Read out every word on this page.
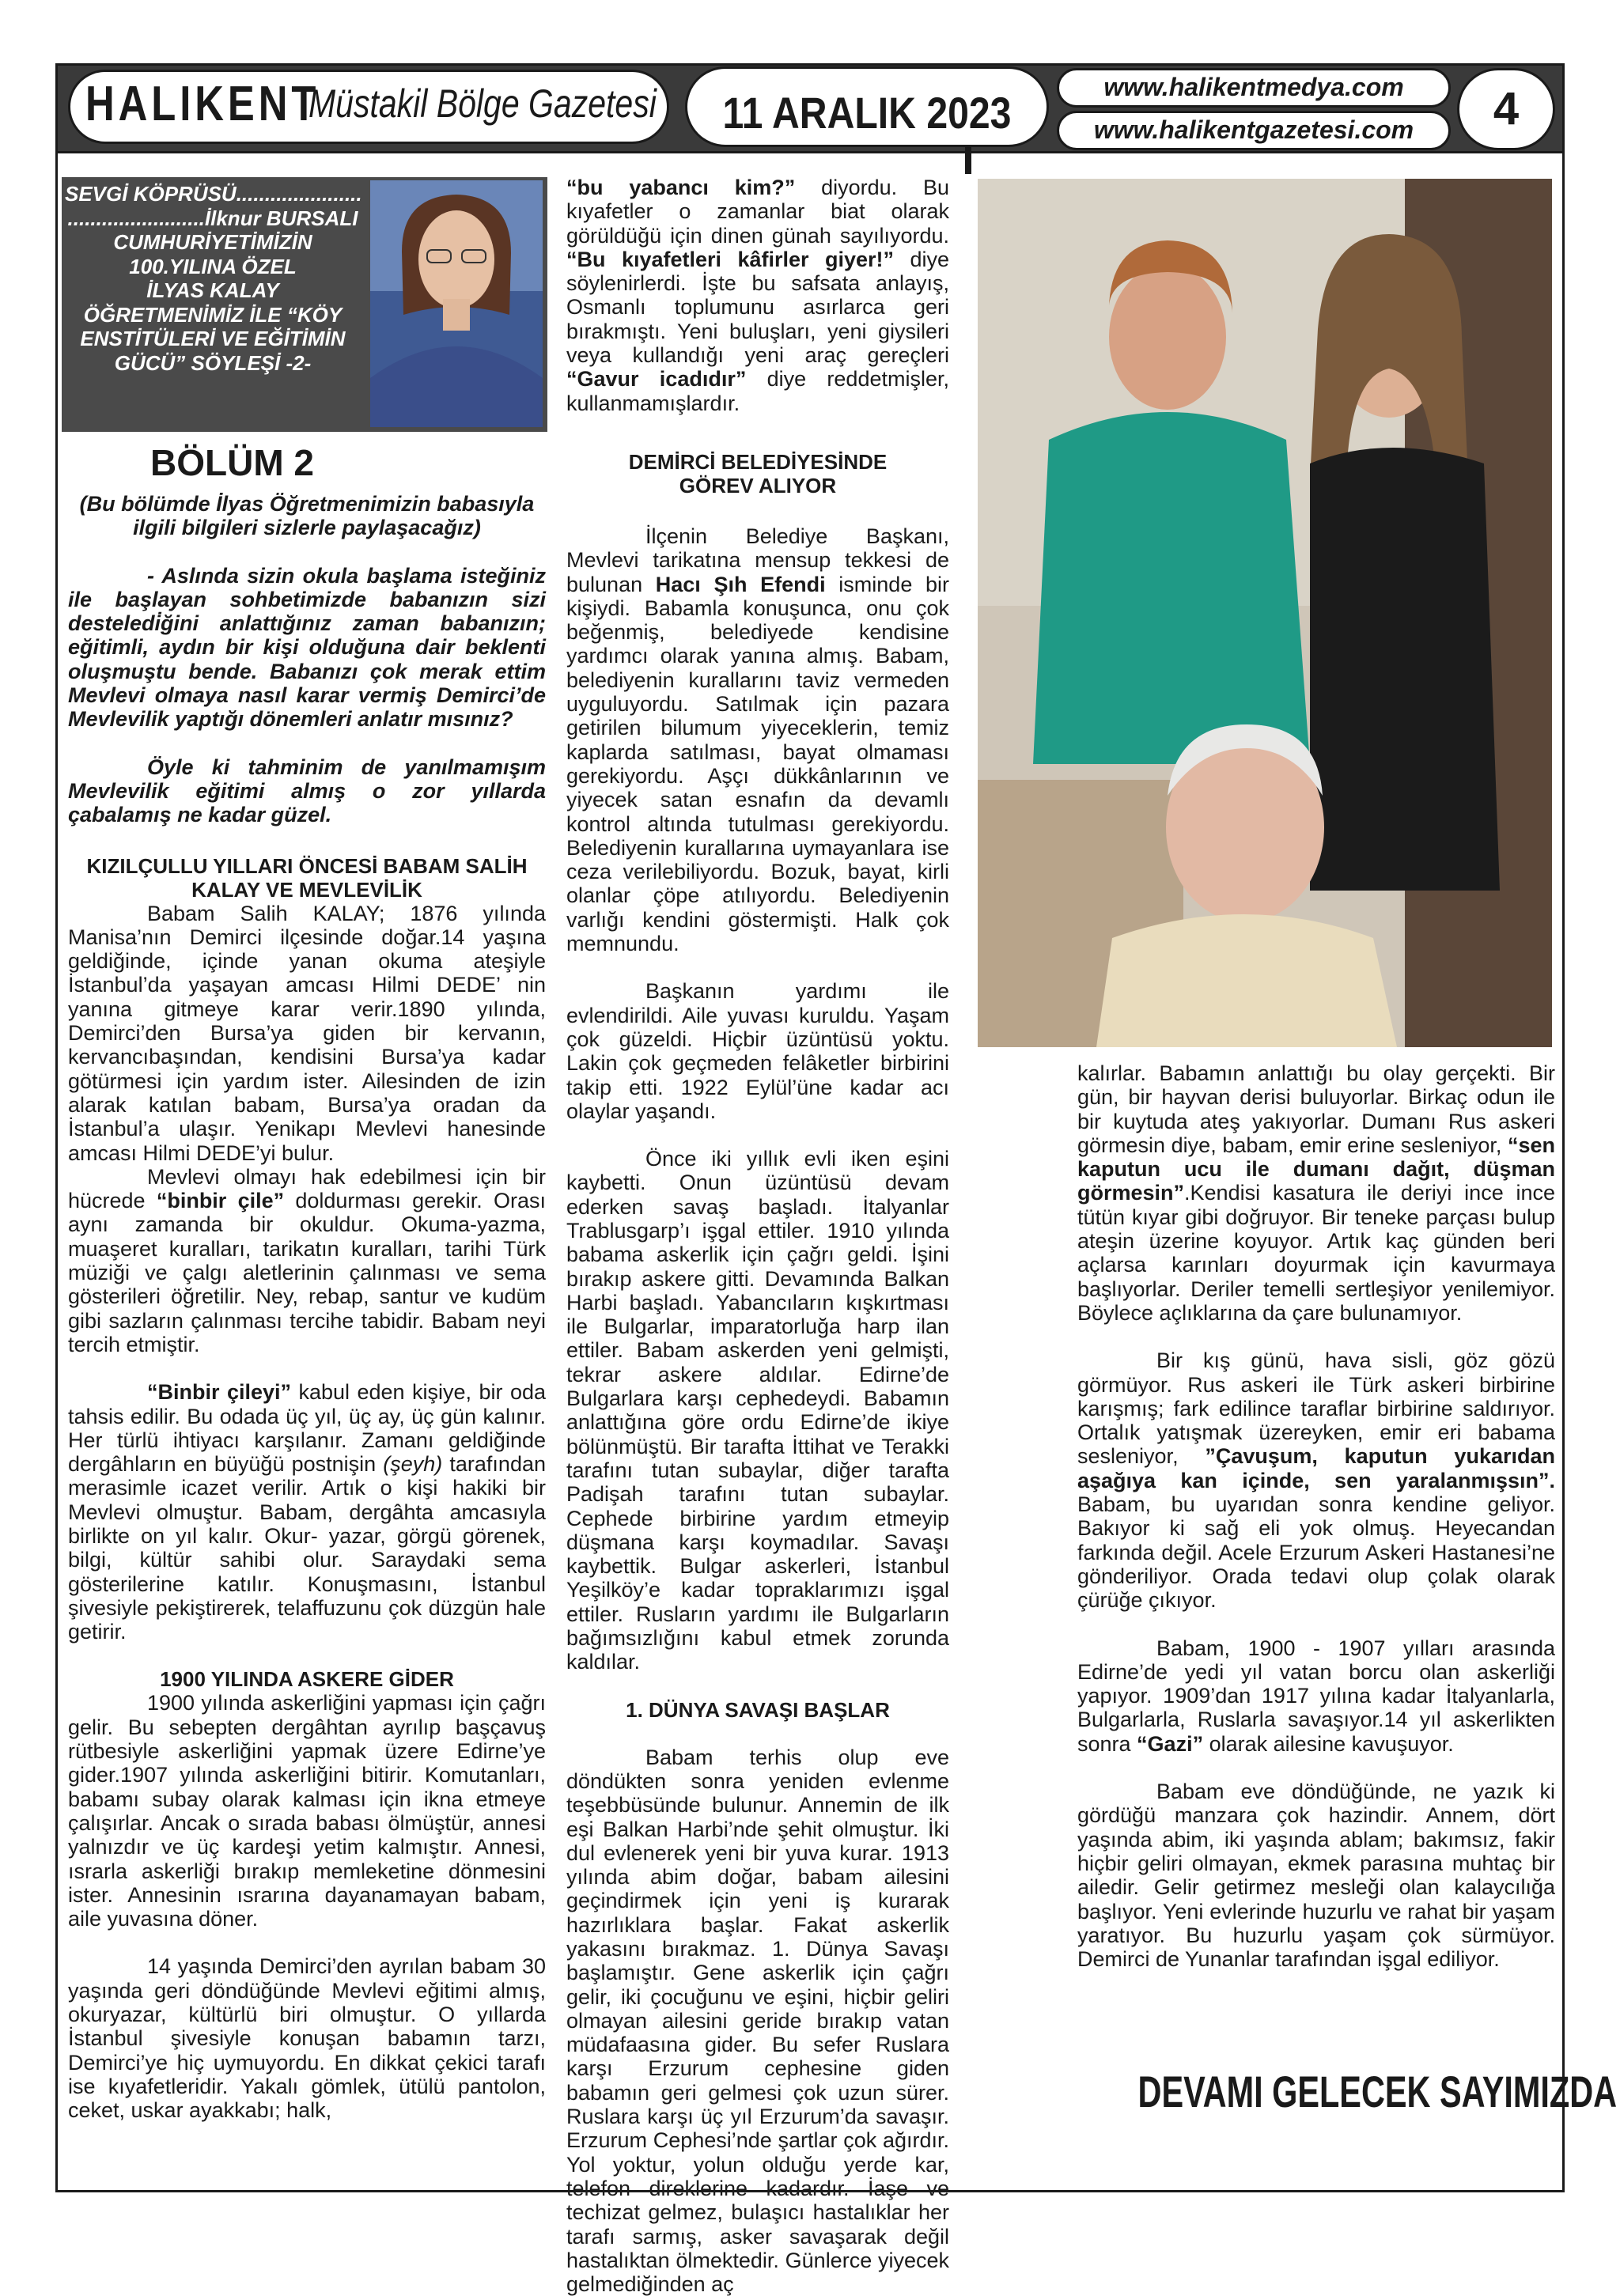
HALIKENT
Müstakil Bölge Gazetesi 11 ARALIK 2023
www.halikentmedya.com
www.halikentgazetesi.com	4
SEVGİ KÖPRÜSÜ......................
........................İlknur BURSALI
CUMHURİYETİMİZİN
100.YILINA ÖZEL
İLYAS KALAY
ÖĞRETMENİMİZ İLE “KÖY
ENSTİTÜLERİ VE EĞİTİMİN
GÜCÜ” SÖYLEŞİ -2-
BÖLÜM 2

(Bu bölümde İlyas Öğretmenimizin babasıyla ilgili bilgileri sizlerle paylaşacağız)

- Aslında sizin okula başlama isteğiniz ile başlayan sohbetimizde babanızın sizi desteledi̇ğini anlattığınız zaman babanızın; eğitimli, aydın bir kişi olduğuna dair beklenti oluşmuştu bende. Babanızı çok merak ettim Mevlevi olmaya nasıl karar vermiş Demirci’de Mevlevilik yaptığı dönemleri anlatır mısınız?

Öyle ki tahminim de yanılmamışım Mevlevilik eğitimi almış o zor yıllarda çabalamış ne kadar güzel.

KIZILÇULLU YILLARI ÖNCESİ BABAM SALİH KALAY VE MEVLEVİLİK

Babam Salih KALAY; 1876 yılında Manisa’nın Demirci ilçesinde doğar.14 yaşına geldiğinde, içinde yanan okuma ateşiyle İstanbul’da yaşayan amcası Hilmi DEDE’ nin yanına gitmeye karar verir.1890 yılında, Demirci’den Bursa’ya giden bir kervanın, kervancıbaşından, kendisini Bursa’ya kadar götürmesi için yardım ister. Ailesinden de izin alarak katılan babam, Bursa’ya oradan da İstanbul’a ulaşır. Yenikapı Mevlevi hanesinde amcası Hilmi DEDE’yi bulur.

Mevlevi olmayı hak edebilmesi için bir hücrede “binbir çile” doldurması gerekir. Orası aynı zamanda bir okuldur. Okuma-yazma, muaşeret kuralları, tarikatın kuralları, tarihi Türk müziği ve çalgı aletlerinin çalınması ve sema gösterileri öğretilir. Ney, rebap, santur ve kudüm gibi sazların çalınması tercihe tabidir. Babam neyi tercih etmiştir.

“Binbir çileyi” kabul eden kişiye, bir oda tahsis edilir. Bu odada üç yıl, üç ay, üç gün kalınır. Her türlü ihtiyacı karşılanır. Zamanı geldiğinde dergâhların en büyüğü postnişin (şeyh) tarafından merasimle icazet verilir. Artık o kişi hakiki bir Mevlevi olmuştur. Babam, dergâhta amcasıyla birlikte on yıl kalır. Okur- yazar, görgü görenek, bilgi, kültür sahibi olur. Saraydaki sema gösterilerine katılır. Konuşmasını, İstanbul şivesiyle pekiştirerek, telaffuzunu çok düzgün hale getirir.

1900 YILINDA ASKERE GİDER

1900 yılında askerliğini yapması için çağrı gelir. Bu sebepten dergâhtan ayrılıp başçavuş rütbesiyle askerliğini yapmak üzere Edirne’ye gider.1907 yılında askerliğini bitirir. Komutanları, babamı subay olarak kalması için ikna etmeye çalışırlar. Ancak o sırada babası ölmüştür, annesi yalnızdır ve üç kardeşi yetim kalmıştır. Annesi, ısrarla askerliği bırakıp memleketine dönmesini ister. Annesinin ısrarına dayanamayan babam, aile yuvasına döner.

14 yaşında Demirci’den ayrılan babam 30 yaşında geri döndüğünde Mevlevi eğitimi almış, okuryazar, kültürlü biri olmuştur. O yıllarda İstanbul şivesiyle konuşan babamın tarzı, Demirci’ye hiç uymuyordu. En dikkat çekici tarafı ise kıyafetleridir. Yakalı gömlek, ütülü pantolon, ceket, uskar ayakkabı; halk,

“bu yabancı kim?” diyordu. Bu kıyafetler o zamanlar biat olarak görüldüğü için dinen günah sayılıyordu. “Bu kıyafetleri kâfirler giyer!” diye söylenirlerdi. İşte bu safsata anlayış, Osmanlı toplumunu asırlarca geri bırakmıştı. Yeni buluşları, yeni giysileri veya kullandığı yeni araç gereçleri “Gavur icadıdır” diye reddetmişler, kullanmamışlardır.

DEMİRCİ BELEDİYESİNDE GÖREV ALIYOR

İlçenin Belediye Başkanı, Mevlevi tarikatına mensup tekkesi de bulunan Hacı Şıh Efendi isminde bir kişiydi. Babamla konuşunca, onu çok beğenmiş, belediyede kendisine yardımcı olarak yanına almış. Babam, belediyenin kurallarını taviz vermeden uyguluyordu. Satılmak için pazara getirilen bilumum yiyeceklerin, temiz kaplarda satılması, bayat olmaması gerekiyordu. Aşçı dükkânlarının ve yiyecek satan esnafın da devamlı kontrol altında tutulması gerekiyordu. Belediyenin kurallarına uymayanlara ise ceza verilebiliyordu. Bozuk, bayat, kirli olanlar çöpe atılıyordu. Belediyenin varlığı kendini göstermişti. Halk çok memnundu.

Başkanın yardımı ile evlendirildi. Aile yuvası kuruldu. Yaşam çok güzeldi. Hiçbir üzüntüsü yoktu. Lakin çok geçmeden felâketler birbirini takip etti. 1922 Eylül’üne kadar acı olaylar yaşandı.

Önce iki yıllık evli iken eşini kaybetti. Onun üzüntüsü devam ederken savaş başladı. İtalyanlar Trablusgarp’ı işgal ettiler. 1910 yılında babama askerlik için çağrı geldi. İşini bırakıp askere gitti. Devamında Balkan Harbi başladı. Yabancıların kışkırtması ile Bulgarlar, imparatorluğa harp ilan ettiler. Babam askerden yeni gelmişti, tekrar askere aldılar. Edirne’de Bulgarlara karşı cephedeydi. Babamın anlattığına göre ordu Edirne’de ikiye bölünmüştü. Bir tarafta İttihat ve Terakki tarafını tutan subaylar, diğer tarafta Padişah tarafını tutan subaylar. Cephede birbirine yardım etmeyip düşmana karşı koymadılar. Savaşı kaybettik. Bulgar askerleri, İstanbul Yeşilköy’e kadar topraklarımızı işgal ettiler. Rusların yardımı ile Bulgarların bağımsızlığını kabul etmek zorunda kaldılar.

1. DÜNYA SAVAŞI BAŞLAR

Babam terhis olup eve döndükten sonra yeniden evlenme teşebbüsünde bulunur. Annemin de ilk eşi Balkan Harbi’nde şehit olmuştur. İki dul evlenerek yeni bir yuva kurar. 1913 yılında abim doğar, babam ailesini geçindirmek için yeni iş kurarak hazırlıklara başlar. Fakat askerlik yakasını bırakmaz. 1. Dünya Savaşı başlamıştır. Gene askerlik için çağrı gelir, iki çocuğunu ve eşini, hiçbir geliri olmayan ailesini geride bırakıp vatan müdafaasına gider. Bu sefer Ruslara karşı Erzurum cephesine giden babamın geri gelmesi çok uzun sürer. Ruslara karşı üç yıl Erzurum’da savaşır. Erzurum Cephesi’nde şartlar çok ağırdır. Yol yoktur, yolun olduğu yerde kar, telefon direklerine kadardır. İaşe ve techizat gelmez, bulaşıcı hastalıklar her tarafı sarmış, asker savaşarak değil hastalıktan ölmektedir. Günlerce yiyecek gelmediğinden aç

kalırlar. Babamın anlattığı bu olay gerçekti. Bir gün, bir hayvan derisi buluyorlar. Birkaç odun ile bir kuytuda ateş yakıyorlar. Dumanı Rus askeri görmesin diye, babam, emir erine sesleniyor, “sen kaputun ucu ile dumanı dağıt, düşman görmesin”.Kendisi kasatura ile deriyi ince ince tütün kıyar gibi doğruyor. Bir teneke parçası bulup ateşin üzerine koyuyor. Artık kaç günden beri açlarsa karınları doyurmak için kavurmaya başlıyorlar. Deriler temelli sertleşiyor yenilemiyor. Böylece açlıklarına da çare bulunamıyor.

Bir kış günü, hava sisli, göz gözü görmüyor. Rus askeri ile Türk askeri birbirine karışmış; fark edilince taraflar birbirine saldırıyor. Ortalık yatışmak üzereyken, emir eri babama sesleniyor, ”Çavuşum, kaputun yukarıdan aşağıya kan içinde, sen yaralanmışsın”. Babam, bu uyarıdan sonra kendine geliyor. Bakıyor ki sağ eli yok olmuş. Heyecandan farkında değil. Acele Erzurum Askeri Hastanesi’ne gönderiliyor. Orada tedavi olup çolak olarak çürüğe çıkıyor.

Babam, 1900 - 1907 yılları arasında Edirne’de yedi yıl vatan borcu olan askerliği yapıyor. 1909’dan 1917 yılına kadar İtalyanlarla, Bulgarlarla, Ruslarla savaşıyor.14 yıl askerlikten sonra “Gazi” olarak ailesine kavuşuyor.

Babam eve döndüğünde, ne yazık ki gördüğü manzara çok hazindir. Annem, dört yaşında abim, iki yaşında ablam; bakımsız, fakir hiçbir geliri olmayan, ekmek parasına muhtaç bir ailedir. Gelir getirmez mesleği olan kalaycılığa başlıyor. Yeni evlerinde huzurlu ve rahat bir yaşam yaratıyor. Bu huzurlu yaşam çok sürmüyor. Demirci de Yunanlar tarafından işgal ediliyor.

DEVAMI GELECEK SAYIMIZDA
